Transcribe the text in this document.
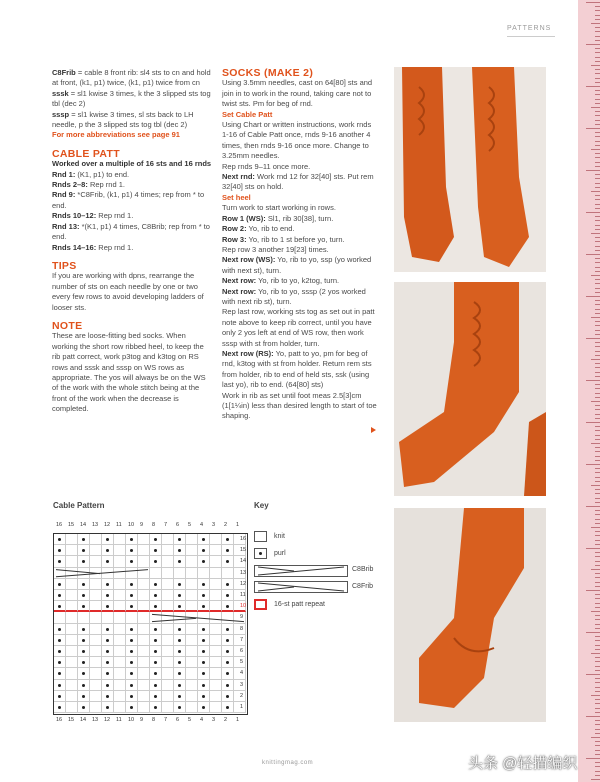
PATTERNS

C8Frib = cable 8 front rib: sl4 sts to cn and hold at front, (k1, p1) twice, (k1, p1) twice from cn

sssk = sl1 kwise 3 times, k the 3 slipped sts tog tbl (dec 2)

sssp = sl1 kwise 3 times, sl sts back to LH needle, p the 3 slipped sts tog tbl (dec 2)

For more abbreviations see page 91

CABLE PATT

Worked over a multiple of 16 sts and 16 rnds

Rnd 1: (K1, p1) to end.

Rnds 2–8: Rep rnd 1.

Rnd 9: *C8Frib, (k1, p1) 4 times; rep from * to end.

Rnds 10–12: Rep rnd 1.

Rnd 13: *(K1, p1) 4 times, C8Brib; rep from * to end.

Rnds 14–16: Rep rnd 1.

TIPS

If you are working with dpns, rearrange the number of sts on each needle by one or two every few rows to avoid developing ladders of looser sts.

NOTE

These are loose-fitting bed socks. When working the short row ribbed heel, to keep the rib patt correct, work p3tog and k3tog on RS rows and sssk and sssp on WS rows as appropriate. The yos will always be on the WS of the work with the whole stitch being at the front of the work when the decrease is completed.

SOCKS (MAKE 2)

Using 3.5mm needles, cast on 64[80] sts and join in to work in the round, taking care not to twist sts. Pm for beg of rnd.

Set Cable Patt

Using Chart or written instructions, work rnds 1-16 of Cable Patt once, rnds 9-16 another 4 times, then rnds 9-16 once more. Change to 3.25mm needles.

Rep rnds 9–11 once more.

Next rnd: Work rnd 12 for 32[40] sts. Put rem 32[40] sts on hold.

Set heel

Turn work to start working in rows.

Row 1 (WS): Sl1, rib 30[38], turn.

Row 2: Yo, rib to end.

Row 3: Yo, rib to 1 st before yo, turn.

Rep row 3 another 19[23] times.

Next row (WS): Yo, rib to yo, ssp (yo worked with next st), turn.

Next row: Yo, rib to yo, k2tog, turn.

Next row: Yo, rib to yo, sssp (2 yos worked with next rib st), turn.

Rep last row, working sts tog as set out in patt note above to keep rib correct, until you have only 2 yos left at end of WS row, then work sssp with st from holder, turn.

Next row (RS): Yo, patt to yo, pm for beg of rnd, k3tog with st from holder. Return rem sts from holder, rib to end of held sts, ssk (using last yo), rib to end. (64[80] sts)

Work in rib as set until foot meas 2.5[3]cm (1[1¼in) less than desired length to start of toe shaping.

Cable Pattern
16 15 14 13 12 11 10 9 8 7 6 5 4 3 2 1
16 15 14 13 12 11 10 9 8 7 6 5 4 3 2 1
16
15
14
13
12
11
10
9
8
7
6
5
4
3
2
1
Key
knit
purl
C8Brib
C8Frib
16-st patt repeat
knittingmag.com	头条 @轻描编织
